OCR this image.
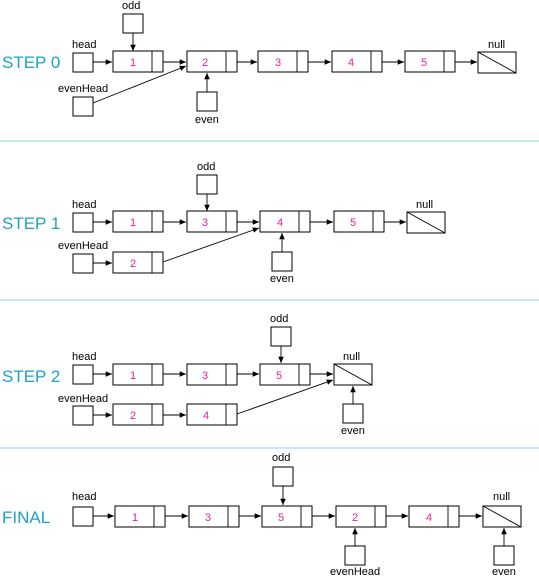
STEP 0
head
odd
1	2	3	4	5
null
evenHead
even
STEP 1
head
odd
1	3	4	5
null
evenHead
2
even
STEP 2
head
odd
1	3	5
null
evenHead
2	4
even
FINAL
head
odd
1	3	5	2	4
null
evenHead	even
